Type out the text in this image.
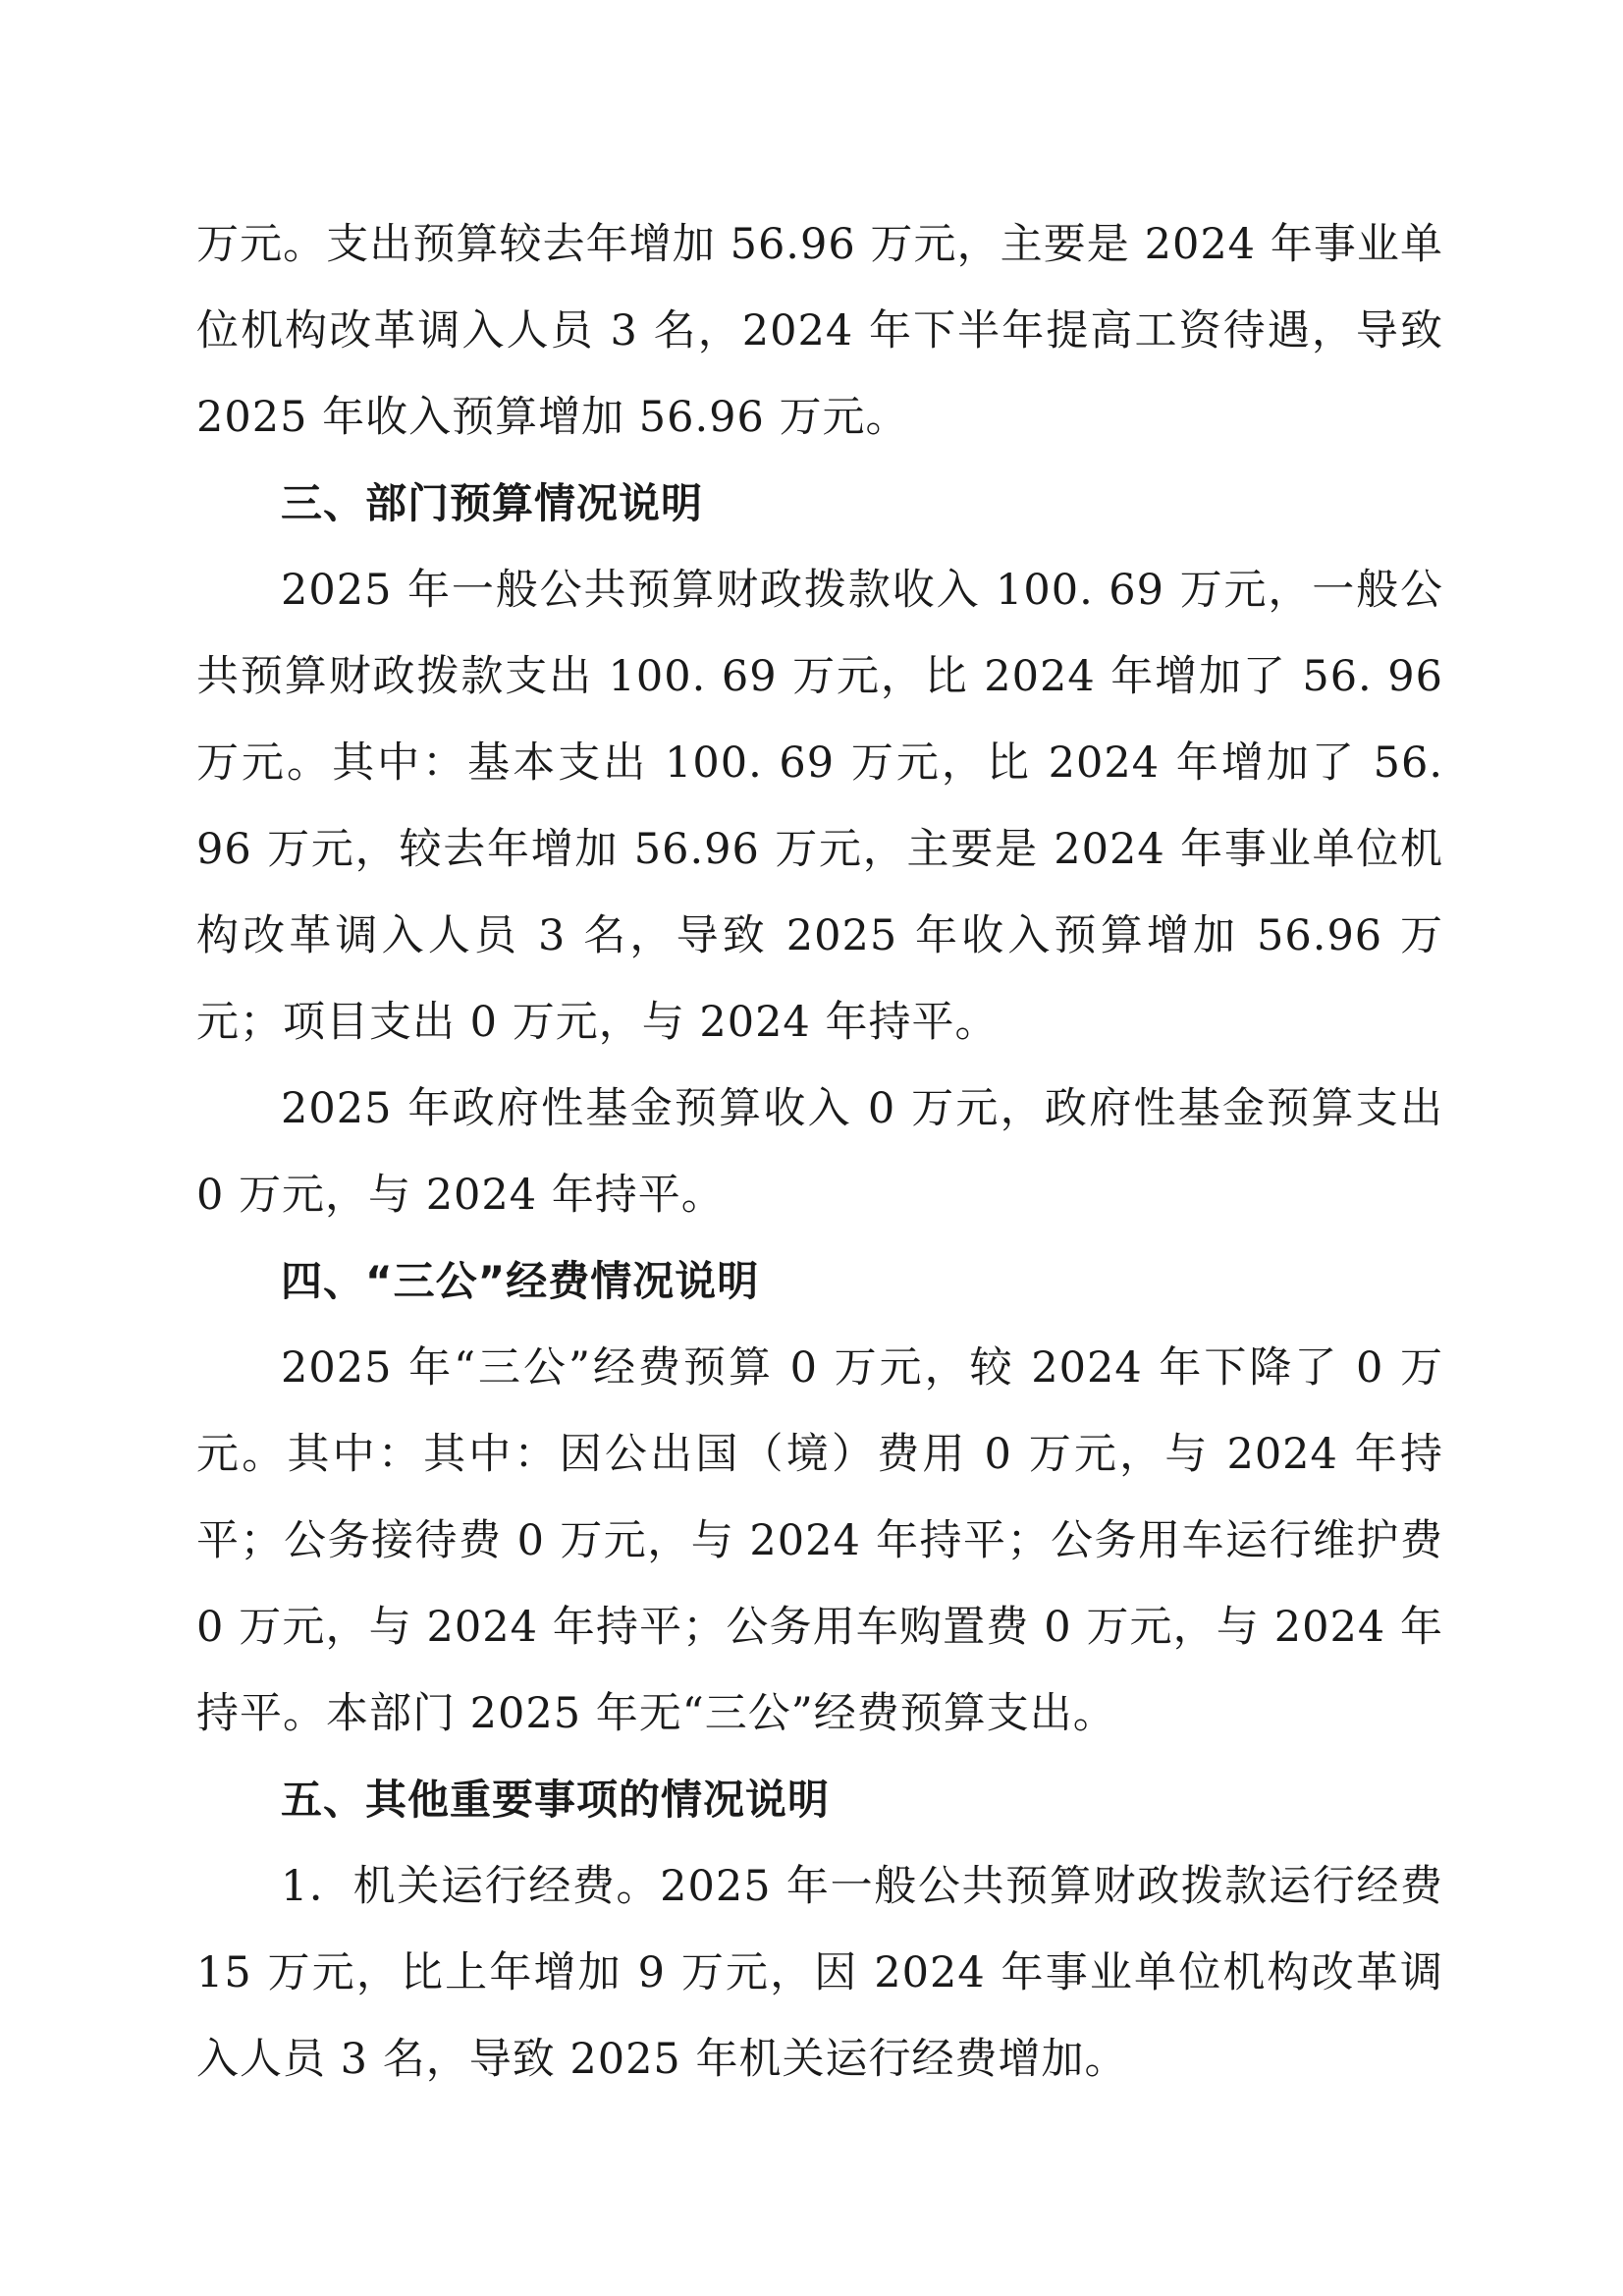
万元。支出预算较去年增加 56.96 万元，主要是 2024 年事业单位机构改革调入人员 3 名，2024 年下半年提高工资待遇，导致 2025 年收入预算增加 56.96 万元。

三、部门预算情况说明

2025 年一般公共预算财政拨款收入 100. 69 万元，一般公共预算财政拨款支出 100. 69 万元，比 2024 年增加了 56. 96 万元。其中：基本支出 100. 69 万元，比 2024 年增加了 56. 96 万元，较去年增加 56.96 万元，主要是 2024 年事业单位机构改革调入人员 3 名，导致 2025 年收入预算增加 56.96 万元；项目支出 0 万元，与 2024 年持平。

2025 年政府性基金预算收入 0 万元，政府性基金预算支出 0 万元，与 2024 年持平。

四、“三公”经费情况说明

2025 年“三公”经费预算 0 万元，较 2024 年下降了 0 万元。其中：其中：因公出国（境）费用 0 万元，与 2024 年持平；公务接待费 0 万元，与 2024 年持平；公务用车运行维护费 0 万元，与 2024 年持平；公务用车购置费 0 万元，与 2024 年持平。本部门 2025 年无“三公”经费预算支出。

五、其他重要事项的情况说明

1．机关运行经费。2025 年一般公共预算财政拨款运行经费 15 万元，比上年增加 9 万元，因 2024 年事业单位机构改革调入人员 3 名，导致 2025 年机关运行经费增加。
